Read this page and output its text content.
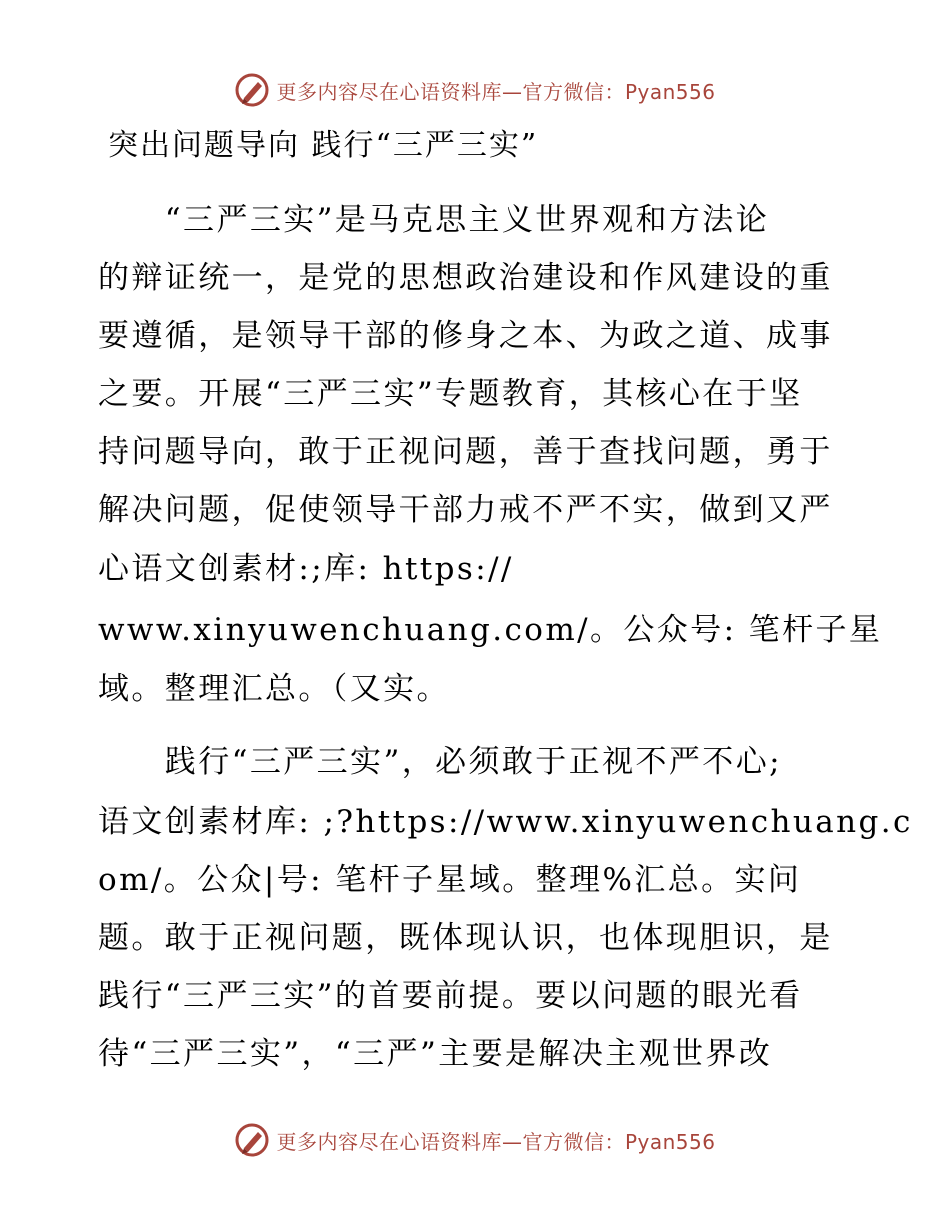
更多内容尽在心语资料库—官方微信：Pyan556
突出问题导向 践行“三严三实”
　　“三严三实”是马克思主义世界观和方法论
的辩证统一，是党的思想政治建设和作风建设的重
要遵循，是领导干部的修身之本、为政之道、成事
之要。开展“三严三实”专题教育，其核心在于坚
持问题导向，敢于正视问题，善于查找问题，勇于
解决问题，促使领导干部力戒不严不实，做到又严
心语文创素材:;库: https://
www.xinyuwenchuang.com/。公众号: 笔杆子星
域。整理汇总。（又实。
　　践行“三严三实”，必须敢于正视不严不心;
语文创素材库: ;?https://www.xinyuwenchuang.c
om/。公众|号: 笔杆子星域。整理%汇总。实问
题。敢于正视问题，既体现认识，也体现胆识，是
践行“三严三实”的首要前提。要以问题的眼光看
待“三严三实”，“三严”主要是解决主观世界改
更多内容尽在心语资料库—官方微信：Pyan556
